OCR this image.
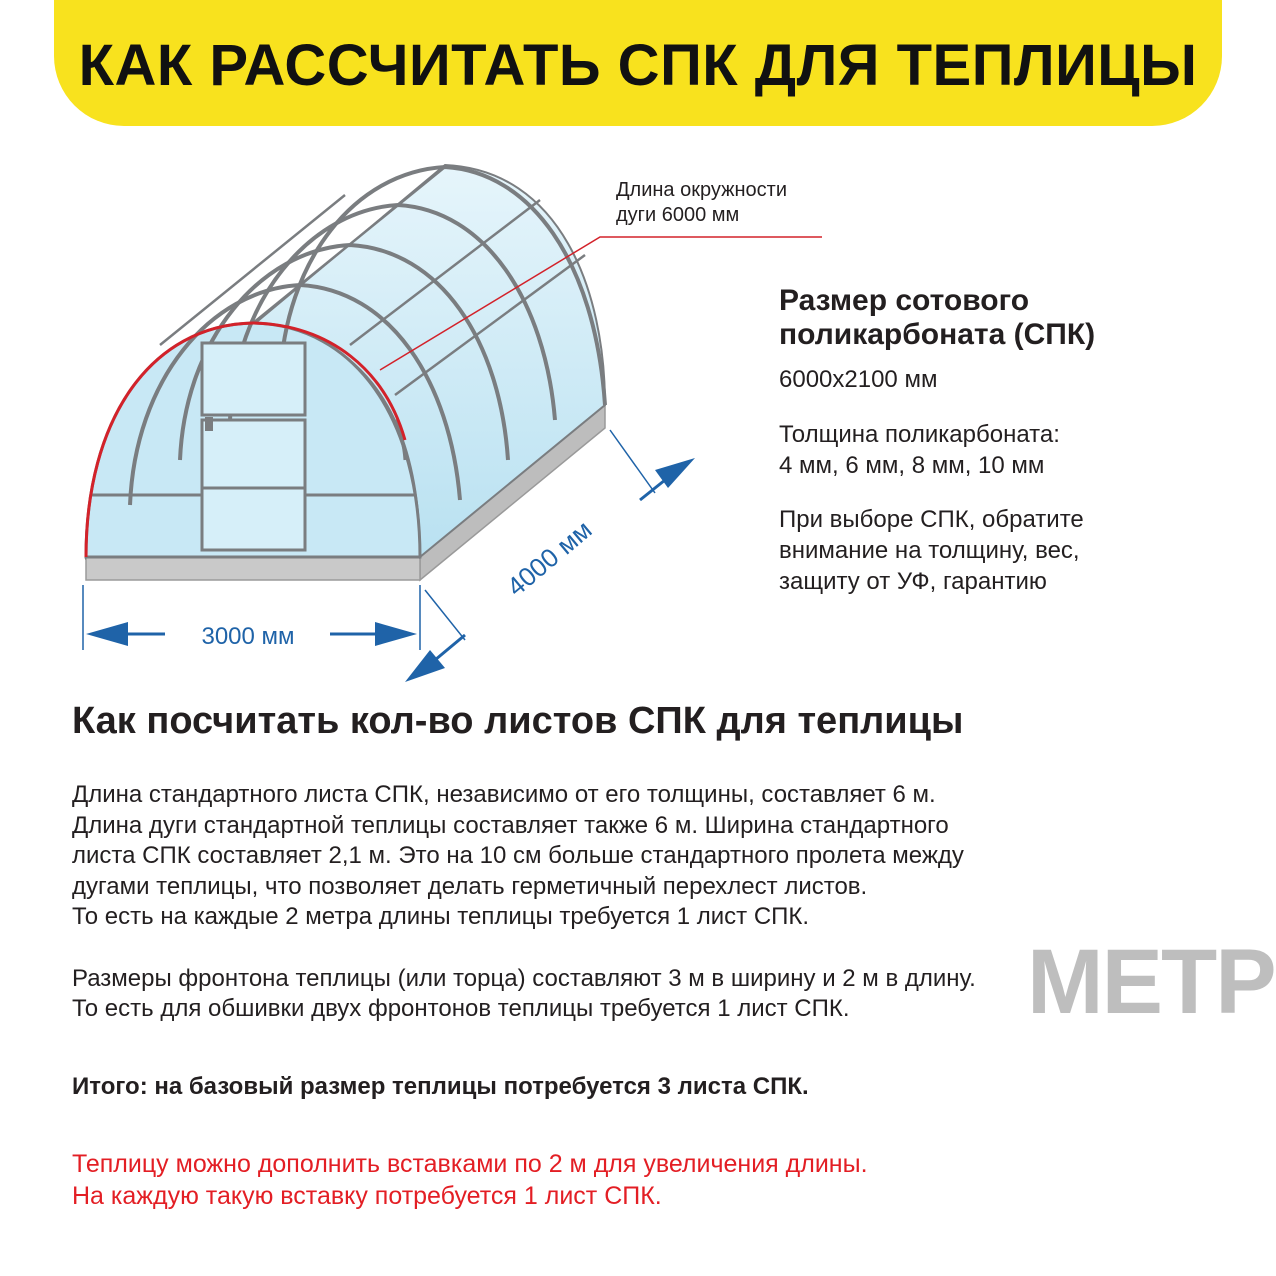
КАК РАССЧИТАТЬ СПК ДЛЯ ТЕПЛИЦЫ
Длина окружности
дуги 6000 мм
3000 мм
4000 мм
Размер сотового
поликарбоната (СПК)

6000х2100 мм

Толщина поликарбоната:

4 мм, 6 мм, 8 мм, 10 мм

При выборе СПК, обратите

внимание на толщину, вес,

защиту от УФ, гарантию

Как посчитать кол-во листов СПК для теплицы
МЕТР

Длина стандартного листа СПК, независимо от его толщины, составляет 6 м.

Длина дуги стандартной теплицы составляет также 6 м. Ширина стандартного

листа СПК составляет 2,1 м. Это на 10 см больше стандартного пролета между

дугами теплицы, что позволяет делать герметичный перехлест листов.

То есть на каждые 2 метра длины теплицы требуется 1 лист СПК.

Размеры фронтона теплицы (или торца) составляют 3 м в ширину и 2 м в длину.

То есть для обшивки двух фронтонов теплицы требуется 1 лист СПК.

Итого: на базовый размер теплицы потребуется 3 листа СПК.

Теплицу можно дополнить вставками по 2 м для увеличения длины.

На каждую такую вставку потребуется 1 лист СПК.
